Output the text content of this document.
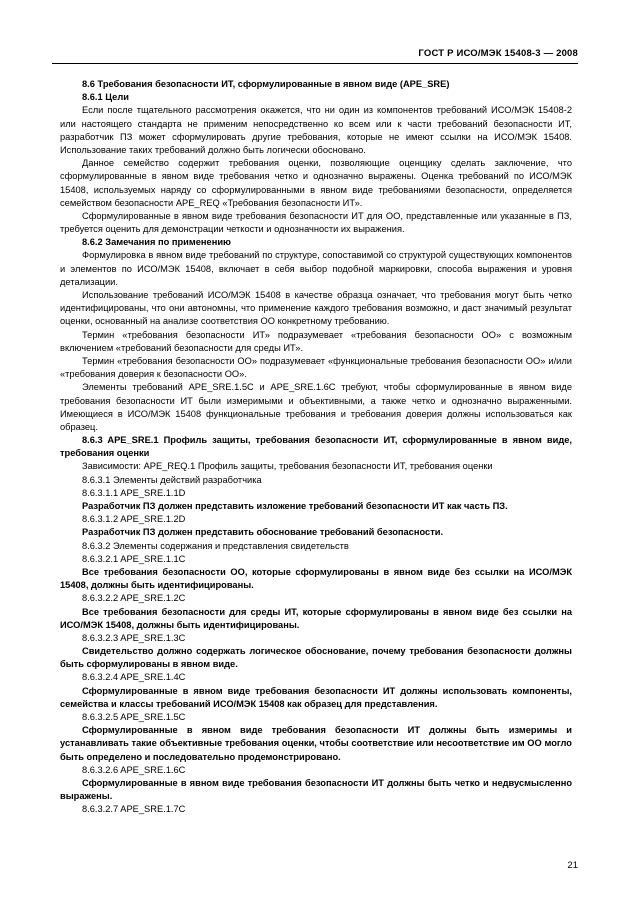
ГОСТ Р ИСО/МЭК 15408-3 — 2008

8.6 Требования безопасности ИТ, сформулированные в явном виде (APE_SRE)

8.6.1 Цели

Если после тщательного рассмотрения окажется, что ни один из компонентов требований ИСО/МЭК 15408-2 или настоящего стандарта не применим непосредственно ко всем или к части требований безопасности ИТ, разработчик ПЗ может сформулировать другие требования, которые не имеют ссылки на ИСО/МЭК 15408. Использование таких требований должно быть логически обосновано.

Данное семейство содержит требования оценки, позволяющие оценщику сделать заключение, что сформулированные в явном виде требования четко и однозначно выражены. Оценка требований по ИСО/МЭК 15408, используемых наряду со сформулированными в явном виде требованиями безопасности, определяется семейством безопасности APE_REQ «Требования безопасности ИТ».

Сформулированные в явном виде требования безопасности ИТ для ОО, представленные или указанные в ПЗ, требуется оценить для демонстрации четкости и однозначности их выражения.

8.6.2 Замечания по применению

Формулировка в явном виде требований по структуре, сопоставимой со структурой существующих компонентов и элементов по ИСО/МЭК 15408, включает в себя выбор подобной маркировки, способа выражения и уровня детализации.

Использование требований ИСО/МЭК 15408 в качестве образца означает, что требования могут быть четко идентифицированы, что они автономны, что применение каждого требования возможно, и даст значимый результат оценки, основанный на анализе соответствия ОО конкретному требованию.

Термин «требования безопасности ИТ» подразумевает «требования безопасности ОО» с возможным включением «требований безопасности для среды ИТ».

Термин «требования безопасности ОО» подразумевает «функциональные требования безопасности ОО» и/или «требования доверия к безопасности ОО».

Элементы требований APE_SRE.1.5C и APE_SRE.1.6C требуют, чтобы сформулированные в явном виде требования безопасности ИТ были измеримыми и объективными, а также четко и однозначно выраженными. Имеющиеся в ИСО/МЭК 15408 функциональные требования и требования доверия должны использоваться как образец.

8.6.3 APE_SRE.1 Профиль защиты, требования безопасности ИТ, сформулированные в явном виде, требования оценки

Зависимости: APE_REQ.1 Профиль защиты, требования безопасности ИТ, требования оценки

8.6.3.1 Элементы действий разработчика

8.6.3.1.1 APE_SRE.1.1D

Разработчик ПЗ должен представить изложение требований безопасности ИТ как часть ПЗ.

8.6.3.1.2 APE_SRE.1.2D

Разработчик ПЗ должен представить обоснование требований безопасности.

8.6.3.2 Элементы содержания и представления свидетельств

8.6.3.2.1 APE_SRE.1.1C

Все требования безопасности ОО, которые сформулированы в явном виде без ссылки на ИСО/МЭК 15408, должны быть идентифицированы.

8.6.3.2.2 APE_SRE.1.2C

Все требования безопасности для среды ИТ, которые сформулированы в явном виде без ссылки на ИСО/МЭК 15408, должны быть идентифицированы.

8.6.3.2.3 APE_SRE.1.3C

Свидетельство должно содержать логическое обоснование, почему требования безопасности должны быть сформулированы в явном виде.

8.6.3.2.4 APE_SRE.1.4C

Сформулированные в явном виде требования безопасности ИТ должны использовать компоненты, семейства и классы требований ИСО/МЭК 15408 как образец для представления.

8.6.3.2.5 APE_SRE.1.5C

Сформулированные в явном виде требования безопасности ИТ должны быть измеримы и устанавливать такие объективные требования оценки, чтобы соответствие или несоответствие им ОО могло быть определено и последовательно продемонстрировано.

8.6.3.2.6 APE_SRE.1.6C

Сформулированные в явном виде требования безопасности ИТ должны быть четко и недвусмысленно выражены.

8.6.3.2.7 APE_SRE.1.7C

21
